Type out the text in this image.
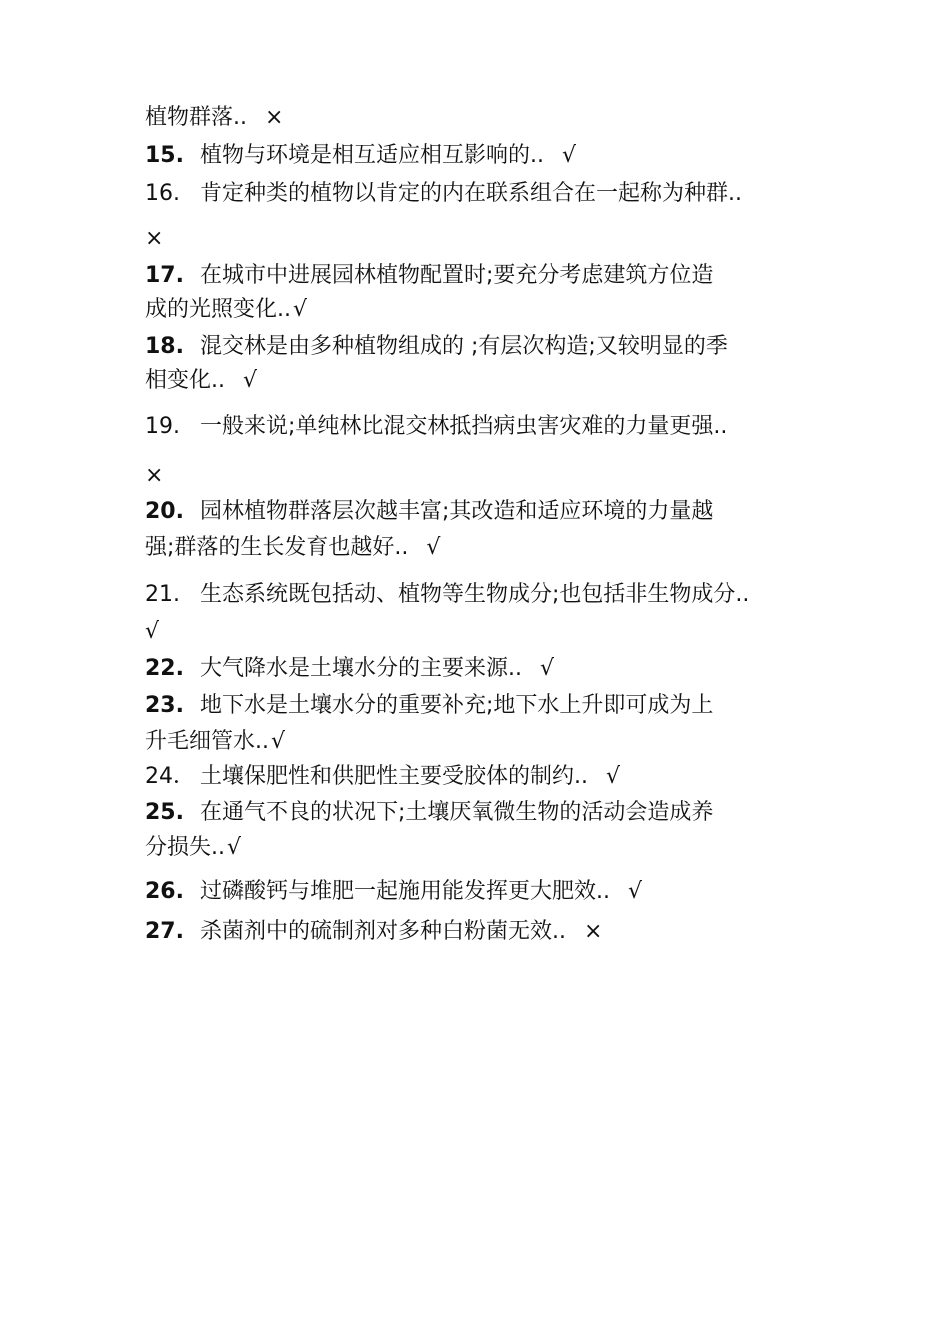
植物群落.. ×
15. 植物与环境是相互适应相互影响的.. √
16. 肯定种类的植物以肯定的内在联系组合在一起称为种群..
×
17. 在城市中进展园林植物配置时;要充分考虑建筑方位造
成的光照变化..√
18. 混交林是由多种植物组成的 ;有层次构造;又较明显的季
相变化.. √
19. 一般来说;单纯林比混交林抵挡病虫害灾难的力量更强..
×
20. 园林植物群落层次越丰富;其改造和适应环境的力量越
强;群落的生长发育也越好.. √
21. 生态系统既包括动、植物等生物成分;也包括非生物成分..
√
22. 大气降水是土壤水分的主要来源.. √
23. 地下水是土壤水分的重要补充;地下水上升即可成为上
升毛细管水..√
24． 土壤保肥性和供肥性主要受胶体的制约.. √
25. 在通气不良的状况下;土壤厌氧微生物的活动会造成养
分损失..√
26. 过磷酸钙与堆肥一起施用能发挥更大肥效.. √
27. 杀菌剂中的硫制剂对多种白粉菌无效.. ×
